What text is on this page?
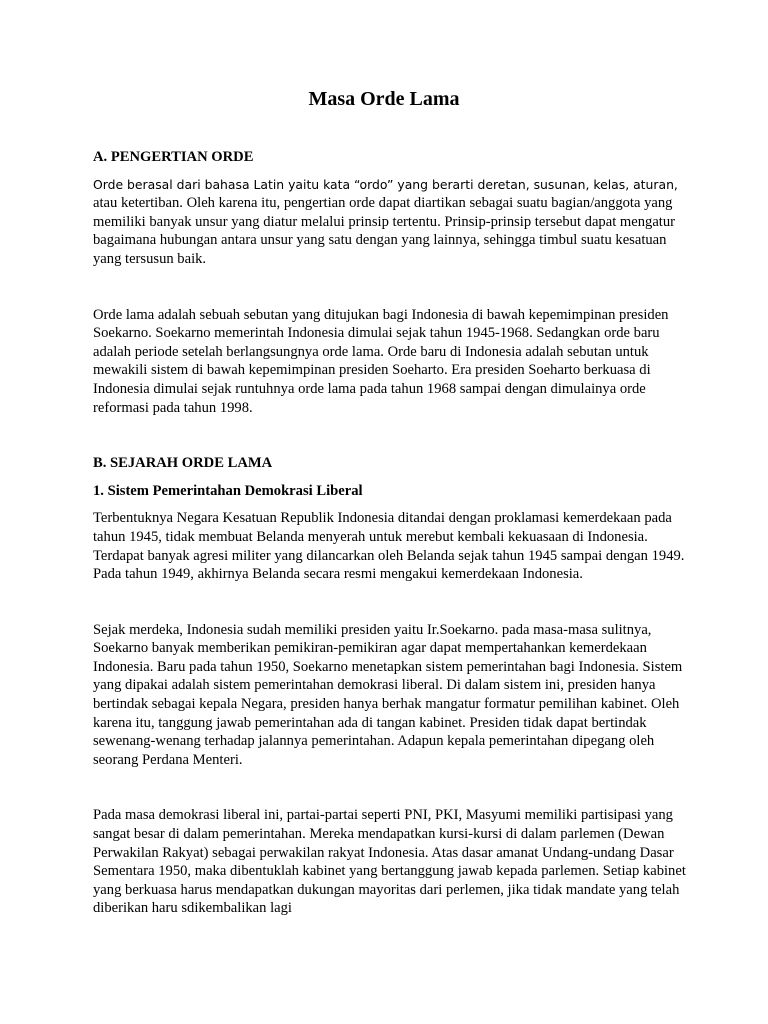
Masa Orde Lama
A. PENGERTIAN ORDE

Orde berasal dari bahasa Latin yaitu kata “ordo” yang berarti deretan, susunan, kelas, aturan, atau ketertiban. Oleh karena itu, pengertian orde dapat diartikan sebagai suatu bagian/anggota yang memiliki banyak unsur yang diatur melalui prinsip tertentu. Prinsip-prinsip tersebut dapat mengatur bagaimana hubungan antara unsur yang satu dengan yang lainnya, sehingga timbul suatu kesatuan yang tersusun baik.

Orde lama adalah sebuah sebutan yang ditujukan bagi Indonesia di bawah kepemimpinan presiden Soekarno. Soekarno memerintah Indonesia dimulai sejak tahun 1945-1968. Sedangkan orde baru adalah periode setelah berlangsungnya orde lama. Orde baru di Indonesia adalah sebutan untuk mewakili sistem di bawah kepemimpinan presiden Soeharto. Era presiden Soeharto berkuasa di Indonesia dimulai sejak runtuhnya orde lama pada tahun 1968 sampai dengan dimulainya orde reformasi pada tahun 1998.

B. SEJARAH ORDE LAMA
1. Sistem Pemerintahan Demokrasi Liberal

Terbentuknya Negara Kesatuan Republik Indonesia ditandai dengan proklamasi kemerdekaan pada tahun 1945, tidak membuat Belanda menyerah untuk merebut kembali kekuasaan di Indonesia. Terdapat banyak agresi militer yang dilancarkan oleh Belanda sejak tahun 1945 sampai dengan 1949. Pada tahun 1949, akhirnya Belanda secara resmi mengakui kemerdekaan Indonesia.

Sejak merdeka, Indonesia sudah memiliki presiden yaitu Ir.Soekarno. pada masa-masa sulitnya, Soekarno banyak memberikan pemikiran-pemikiran agar dapat mempertahankan kemerdekaan Indonesia. Baru pada tahun 1950, Soekarno menetapkan sistem pemerintahan bagi Indonesia. Sistem yang dipakai adalah sistem pemerintahan demokrasi liberal. Di dalam sistem ini, presiden hanya bertindak sebagai kepala Negara, presiden hanya berhak mangatur formatur pemilihan kabinet. Oleh karena itu, tanggung jawab pemerintahan ada di tangan kabinet. Presiden tidak dapat bertindak sewenang-wenang terhadap jalannya pemerintahan. Adapun kepala pemerintahan dipegang oleh seorang Perdana Menteri.

Pada masa demokrasi liberal ini, partai-partai seperti PNI, PKI, Masyumi memiliki partisipasi yang sangat besar di dalam pemerintahan. Mereka mendapatkan kursi-kursi di dalam parlemen (Dewan Perwakilan Rakyat) sebagai perwakilan rakyat Indonesia. Atas dasar amanat Undang-undang Dasar Sementara 1950, maka dibentuklah kabinet yang bertanggung jawab kepada parlemen. Setiap kabinet yang berkuasa harus mendapatkan dukungan mayoritas dari perlemen, jika tidak mandate yang telah diberikan haru sdikembalikan lagi
